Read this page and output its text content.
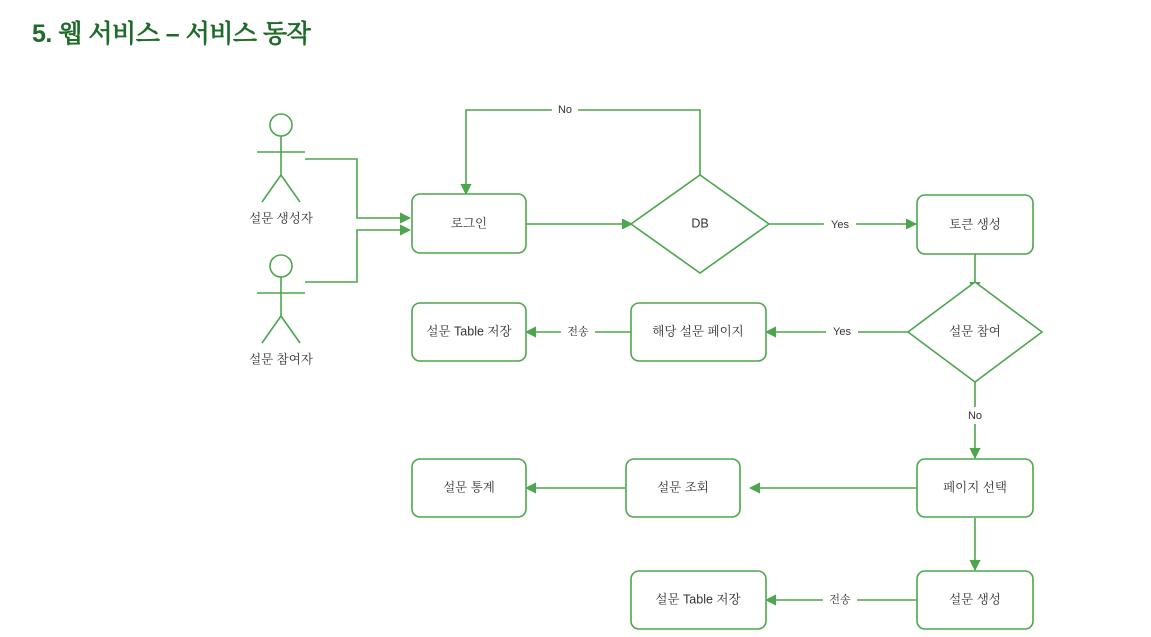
5. 웹 서비스 – 서비스 동작
설문 생성자
설문 참여자
로그인	DB	토큰 생성
설문 참여
해당 설문 페이지
설문 Table 저장
페이지 선택
설문 조회
설문 통계
설문 생성
설문 Table 저장
No
Yes
Yes
No
전송
전송
